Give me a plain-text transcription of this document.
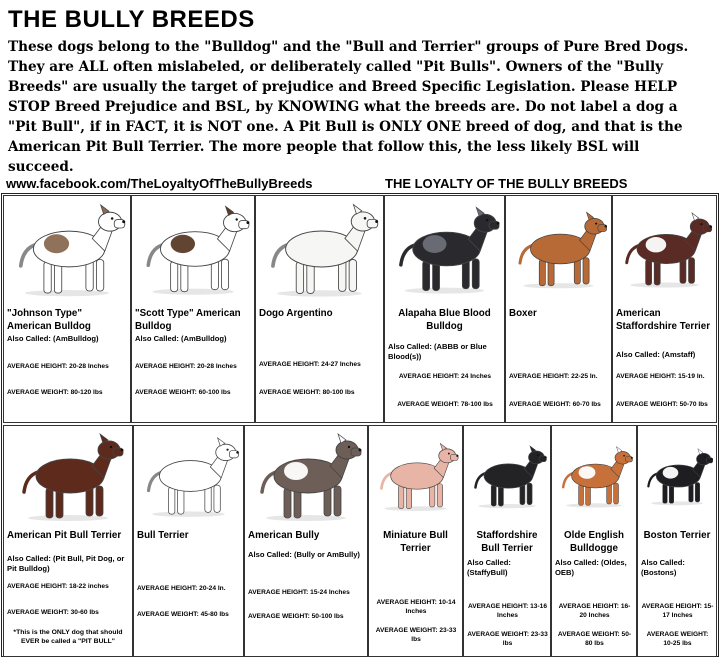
THE BULLY BREEDS
These dogs belong to the "Bulldog" and the "Bull and Terrier" groups of Pure Bred Dogs.
They are ALL often mislabeled, or deliberately called "Pit Bulls". Owners of the "Bully
Breeds" are usually the target of prejudice and Breed Specific Legislation. Please HELP
STOP Breed Prejudice and BSL, by KNOWING what the breeds are. Do not label a dog a
"Pit Bull", if in FACT, it is NOT one. A Pit Bull is ONLY ONE breed of dog, and that is the
American Pit Bull Terrier. The more people that follow this, the less likely BSL will
succeed.
www.facebook.com/TheLoyaltyOfTheBullyBreeds	THE LOYALTY OF THE BULLY BREEDS
"Johnson Type" American Bulldog
Also Called: (AmBulldog)
AVERAGE HEIGHT: 20-28 Inches
AVERAGE WEIGHT: 80-120 lbs
"Scott Type" American Bulldog
Also Called: (AmBulldog)
AVERAGE HEIGHT: 20-28 Inches
AVERAGE WEIGHT: 60-100 lbs
Dogo Argentino
AVERAGE HEIGHT: 24-27 Inches
AVERAGE WEIGHT: 80-100 lbs
Alapaha Blue Blood Bulldog
Also Called: (ABBB or Blue Blood(s))
AVERAGE HEIGHT: 24 Inches
AVERAGE WEIGHT: 78-100 lbs
Boxer
AVERAGE HEIGHT: 22-25 In.
AVERAGE WEIGHT: 60-70 lbs
American Staffordshire Terrier
Also Called: (Amstaff)
AVERAGE HEIGHT: 15-19 In.
AVERAGE WEIGHT: 50-70 lbs
American Pit Bull Terrier
Also Called: (Pit Bull, Pit Dog, or Pit Bulldog)
AVERAGE HEIGHT: 18-22 inches
AVERAGE WEIGHT: 30-60 lbs
*This is the ONLY dog that should EVER be called a "PIT BULL"
Bull Terrier
AVERAGE HEIGHT: 20-24 In.
AVERAGE WEIGHT: 45-80 lbs
American Bully
Also Called: (Bully or AmBully)
AVERAGE HEIGHT: 15-24 Inches
AVERAGE WEIGHT: 50-100 lbs
Miniature Bull Terrier
AVERAGE HEIGHT: 10-14 Inches
AVERAGE WEIGHT: 23-33 lbs
Staffordshire Bull Terrier
Also Called: (StaffyBull)
AVERAGE HEIGHT: 13-16 Inches
AVERAGE WEIGHT: 23-33 lbs
Olde English Bulldogge
Also Called: (Oldes, OEB)
AVERAGE HEIGHT: 16-20 Inches
AVERAGE WEIGHT: 50-80 lbs
Boston Terrier
Also Called: (Bostons)
AVERAGE HEIGHT: 15-17 Inches
AVERAGE WEIGHT: 10-25 lbs
